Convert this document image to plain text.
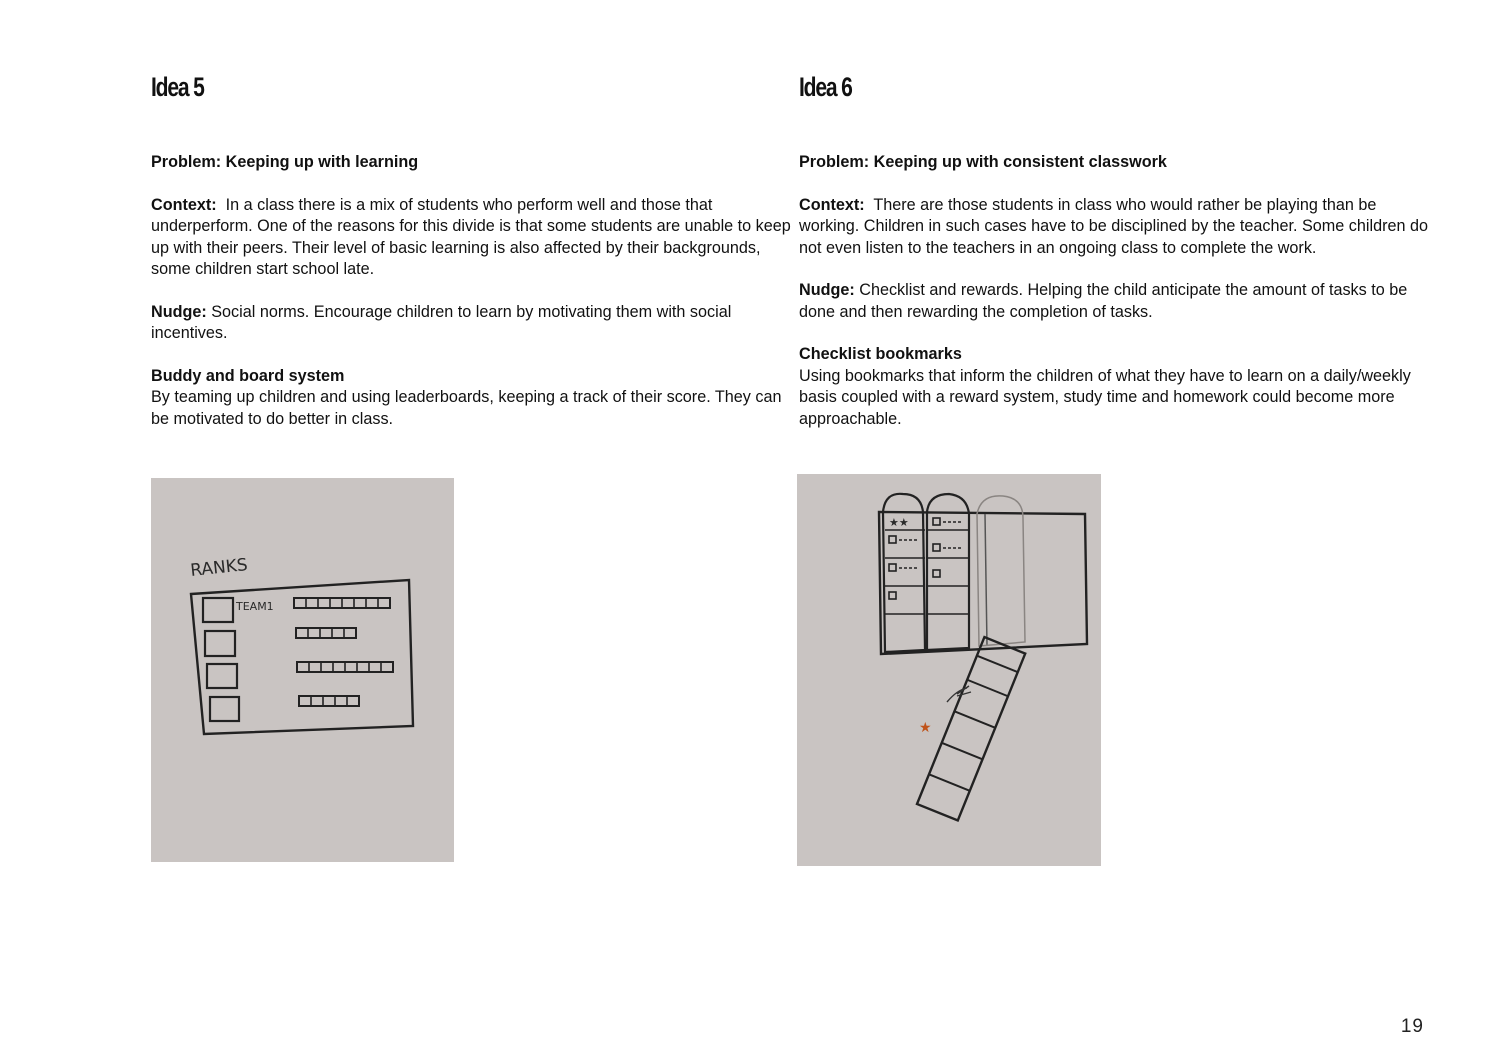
Idea 5

Problem: Keeping up with learning

Context: In a class there is a mix of students who perform well and those that underperform. One of the reasons for this divide is that some students are unable to keep up with their peers. Their level of basic learning is also affected by their backgrounds, some children start school late.

Nudge: Social norms. Encourage children to learn by motivating them with social incentives.

Buddy and board system
By teaming up children and using leaderboards, keeping a track of their score. They can be motivated to do better in class.

RANKS
TEAM1
Idea 6

Problem: Keeping up with consistent classwork

Context: There are those students in class who would rather be playing than be working. Children in such cases have to be disciplined by the teacher. Some children do not even listen to the teachers in an ongoing class to complete the work.

Nudge: Checklist and rewards. Helping the child anticipate the amount of tasks to be done and then rewarding the completion of tasks.

Checklist bookmarks
Using bookmarks that inform the children of what they have to learn on a daily/weekly basis coupled with a reward system, study time and homework could become more approachable.

★★
★
19
